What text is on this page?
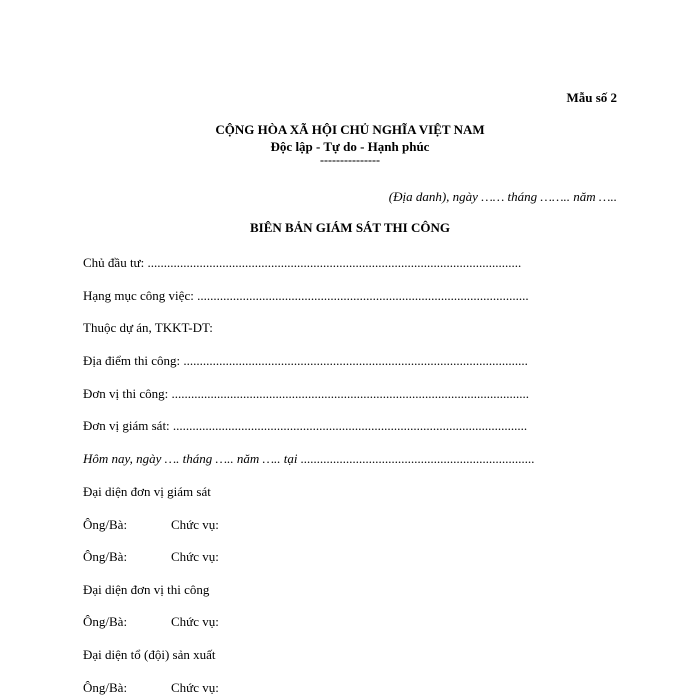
Mẫu số 2
CỘNG HÒA XÃ HỘI CHỦ NGHĨA VIỆT NAM
Độc lập - Tự do - Hạnh phúc
---------------
(Địa danh), ngày …… tháng …….. năm …..
BIÊN BẢN GIÁM SÁT THI CÔNG
Chủ đầu tư: ...................................................................................................................
Hạng mục công việc: ......................................................................................................
Thuộc dự án, TKKT-DT:
Địa điểm thi công: ..........................................................................................................
Đơn vị thi công: ..............................................................................................................
Đơn vị giám sát: .............................................................................................................
Hôm nay, ngày …. tháng ….. năm ….. tại ........................................................................
Đại diện đơn vị giám sát
Ông/Bà:	Chức vụ:
Ông/Bà:	Chức vụ:
Đại diện đơn vị thi công
Ông/Bà:	Chức vụ:
Đại diện tổ (đội) sản xuất
Ông/Bà:	Chức vụ:
